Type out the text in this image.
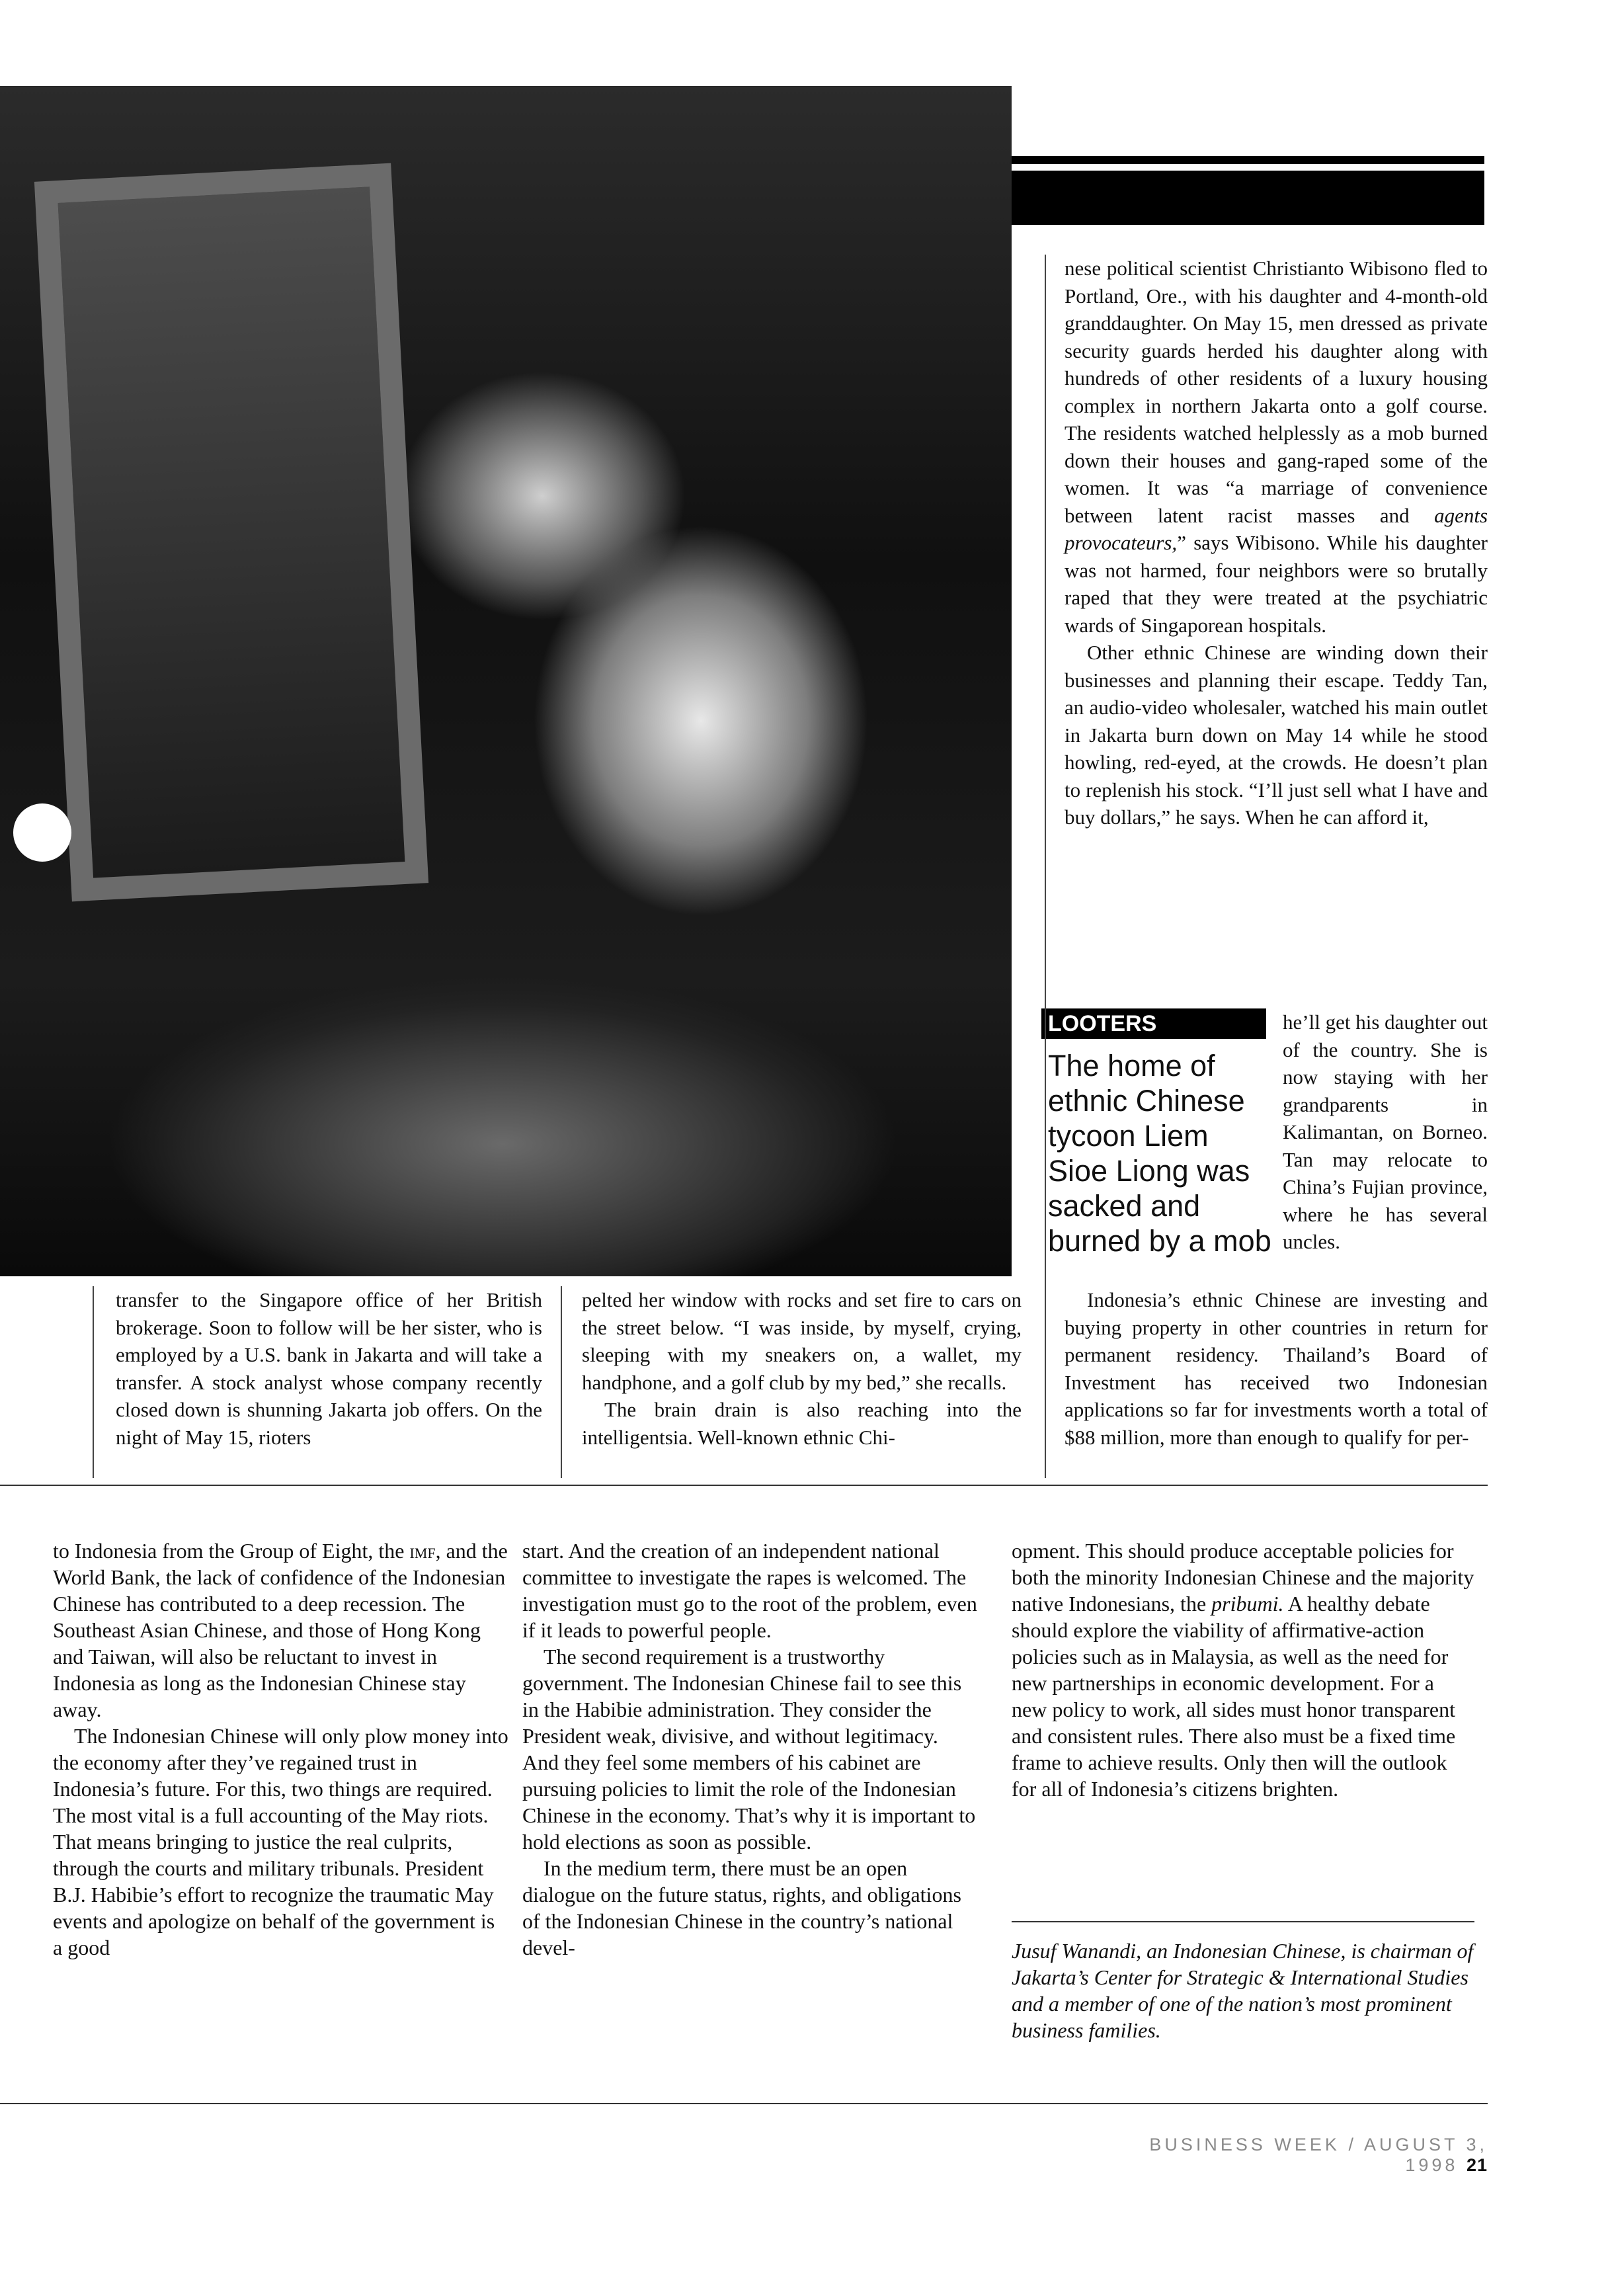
nese political scientist Christianto Wibisono fled to Portland, Ore., with his daughter and 4-month-old granddaughter. On May 15, men dressed as private security guards herded his daughter along with hundreds of other residents of a luxury housing complex in northern Jakarta onto a golf course. The residents watched helplessly as a mob burned down their houses and gang-raped some of the women. It was “a marriage of convenience between latent racist masses and agents provocateurs,” says Wibisono. While his daughter was not harmed, four neighbors were so brutally raped that they were treated at the psychiatric wards of Singaporean hospitals.

Other ethnic Chinese are winding down their businesses and planning their escape. Teddy Tan, an audio-video wholesaler, watched his main outlet in Jakarta burn down on May 14 while he stood howling, red-eyed, at the crowds. He doesn’t plan to replenish his stock. “I’ll just sell what I have and buy dollars,” he says. When he can afford it,

LOOTERS
The home of ethnic Chinese tycoon Liem Sioe Liong was sacked and burned by a mob
he’ll get his daughter out of the country. She is now staying with her grandparents in Kalimantan, on Borneo. Tan may relocate to China’s Fujian province, where he has several uncles.

transfer to the Singapore office of her British brokerage. Soon to follow will be her sister, who is employed by a U.S. bank in Jakarta and will take a transfer. A stock analyst whose company recently closed down is shunning Jakarta job offers. On the night of May 15, rioters

pelted her window with rocks and set fire to cars on the street below. “I was inside, by myself, crying, sleeping with my sneakers on, a wallet, my handphone, and a golf club by my bed,” she recalls.

The brain drain is also reaching into the intelligentsia. Well-known ethnic Chi-

Indonesia’s ethnic Chinese are investing and buying property in other countries in return for permanent residency. Thailand’s Board of Investment has received two Indonesian applications so far for investments worth a total of $88 million, more than enough to qualify for per-

to Indonesia from the Group of Eight, the imf, and the World Bank, the lack of confidence of the Indonesian Chinese has contributed to a deep recession. The Southeast Asian Chinese, and those of Hong Kong and Taiwan, will also be reluctant to invest in Indonesia as long as the Indonesian Chinese stay away.

The Indonesian Chinese will only plow money into the economy after they’ve regained trust in Indonesia’s future. For this, two things are required. The most vital is a full accounting of the May riots. That means bringing to justice the real culprits, through the courts and military tribunals. President B.J. Habibie’s effort to recognize the traumatic May events and apologize on behalf of the government is a good

start. And the creation of an independent national committee to investigate the rapes is welcomed. The investigation must go to the root of the problem, even if it leads to powerful people.

The second requirement is a trustworthy government. The Indonesian Chinese fail to see this in the Habibie administration. They consider the President weak, divisive, and without legitimacy. And they feel some members of his cabinet are pursuing policies to limit the role of the Indonesian Chinese in the economy. That’s why it is important to hold elections as soon as possible.

In the medium term, there must be an open dialogue on the future status, rights, and obligations of the Indonesian Chinese in the country’s national devel-

opment. This should produce acceptable policies for both the minority Indonesian Chinese and the majority native Indonesians, the pribumi. A healthy debate should explore the viability of affirmative-action policies such as in Malaysia, as well as the need for new partnerships in economic development. For a new policy to work, all sides must honor transparent and consistent rules. There also must be a fixed time frame to achieve results. Only then will the outlook for all of Indonesia’s citizens brighten.

Jusuf Wanandi, an Indonesian Chinese, is chairman of Jakarta’s Center for Strategic & International Studies and a member of one of the nation’s most prominent business families.
BUSINESS WEEK / AUGUST 3, 1998 21
